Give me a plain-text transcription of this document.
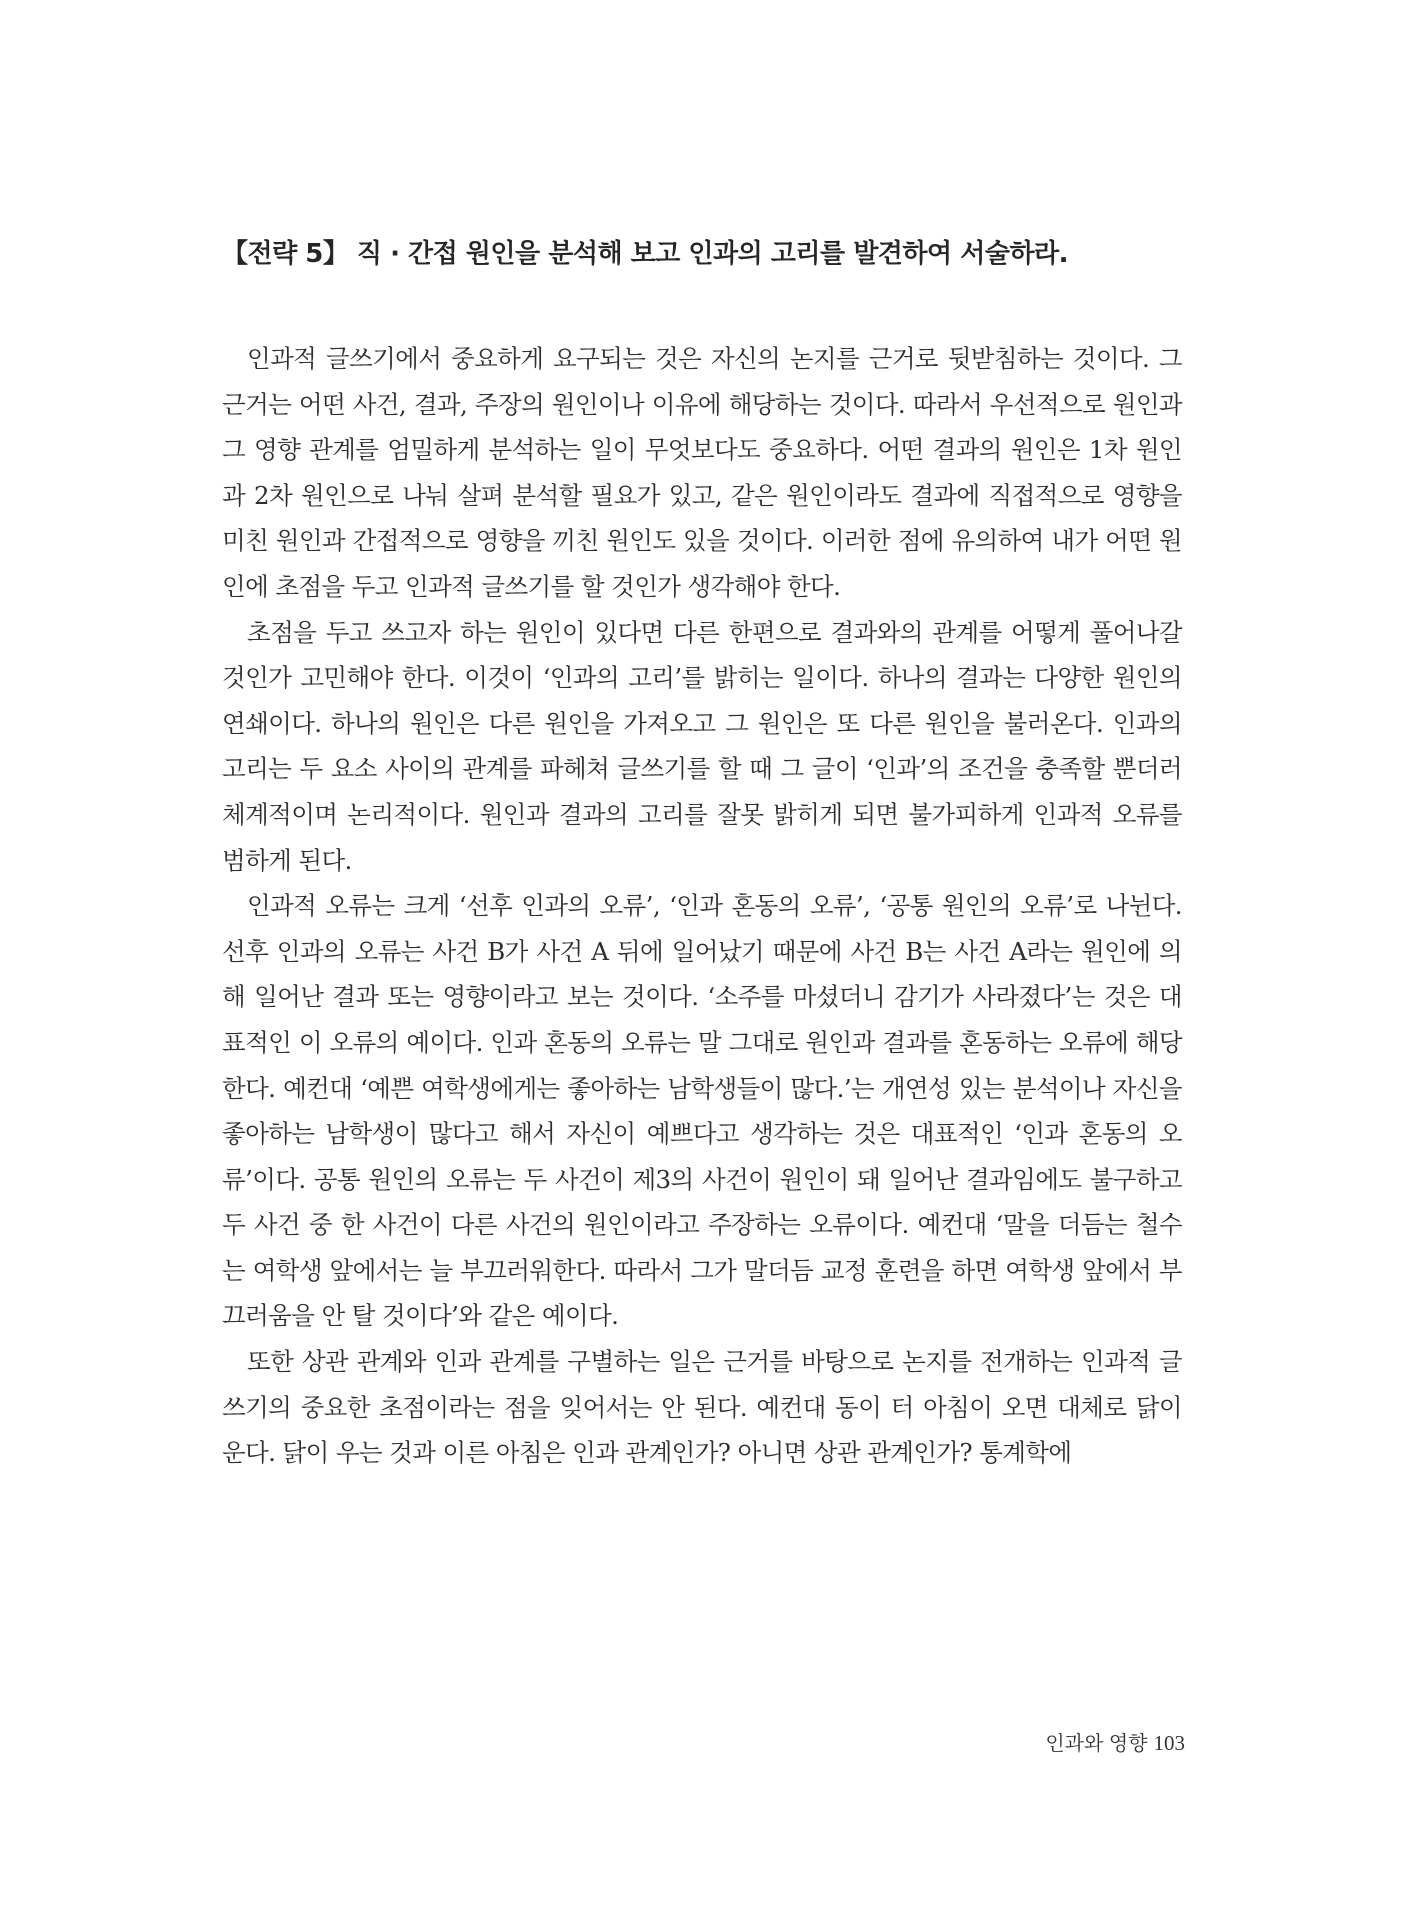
【전략 5】 직 · 간접 원인을 분석해 보고 인과의 고리를 발견하여 서술하라.

인과적 글쓰기에서 중요하게 요구되는 것은 자신의 논지를 근거로 뒷받침하는 것이다. 그 근거는 어떤 사건, 결과, 주장의 원인이나 이유에 해당하는 것이다. 따라서 우선적으로 원인과 그 영향 관계를 엄밀하게 분석하는 일이 무엇보다도 중요하다. 어떤 결과의 원인은 1차 원인과 2차 원인으로 나눠 살펴 분석할 필요가 있고, 같은 원인이라도 결과에 직접적으로 영향을 미친 원인과 간접적으로 영향을 끼친 원인도 있을 것이다. 이러한 점에 유의하여 내가 어떤 원인에 초점을 두고 인과적 글쓰기를 할 것인가 생각해야 한다.

초점을 두고 쓰고자 하는 원인이 있다면 다른 한편으로 결과와의 관계를 어떻게 풀어나갈 것인가 고민해야 한다. 이것이 ‘인과의 고리’를 밝히는 일이다. 하나의 결과는 다양한 원인의 연쇄이다. 하나의 원인은 다른 원인을 가져오고 그 원인은 또 다른 원인을 불러온다. 인과의 고리는 두 요소 사이의 관계를 파헤쳐 글쓰기를 할 때 그 글이 ‘인과’의 조건을 충족할 뿐더러 체계적이며 논리적이다. 원인과 결과의 고리를 잘못 밝히게 되면 불가피하게 인과적 오류를 범하게 된다.

인과적 오류는 크게 ‘선후 인과의 오류’, ‘인과 혼동의 오류’, ‘공통 원인의 오류’로 나뉜다. 선후 인과의 오류는 사건 B가 사건 A 뒤에 일어났기 때문에 사건 B는 사건 A라는 원인에 의해 일어난 결과 또는 영향이라고 보는 것이다. ‘소주를 마셨더니 감기가 사라졌다’는 것은 대표적인 이 오류의 예이다. 인과 혼동의 오류는 말 그대로 원인과 결과를 혼동하는 오류에 해당한다. 예컨대 ‘예쁜 여학생에게는 좋아하는 남학생들이 많다.’는 개연성 있는 분석이나 자신을 좋아하는 남학생이 많다고 해서 자신이 예쁘다고 생각하는 것은 대표적인 ‘인과 혼동의 오류’이다. 공통 원인의 오류는 두 사건이 제3의 사건이 원인이 돼 일어난 결과임에도 불구하고 두 사건 중 한 사건이 다른 사건의 원인이라고 주장하는 오류이다. 예컨대 ‘말을 더듬는 철수는 여학생 앞에서는 늘 부끄러워한다. 따라서 그가 말더듬 교정 훈련을 하면 여학생 앞에서 부끄러움을 안 탈 것이다’와 같은 예이다.

또한 상관 관계와 인과 관계를 구별하는 일은 근거를 바탕으로 논지를 전개하는 인과적 글쓰기의 중요한 초점이라는 점을 잊어서는 안 된다. 예컨대 동이 터 아침이 오면 대체로 닭이 운다. 닭이 우는 것과 이른 아침은 인과 관계인가? 아니면 상관 관계인가? 통계학에

인과와 영향 103
